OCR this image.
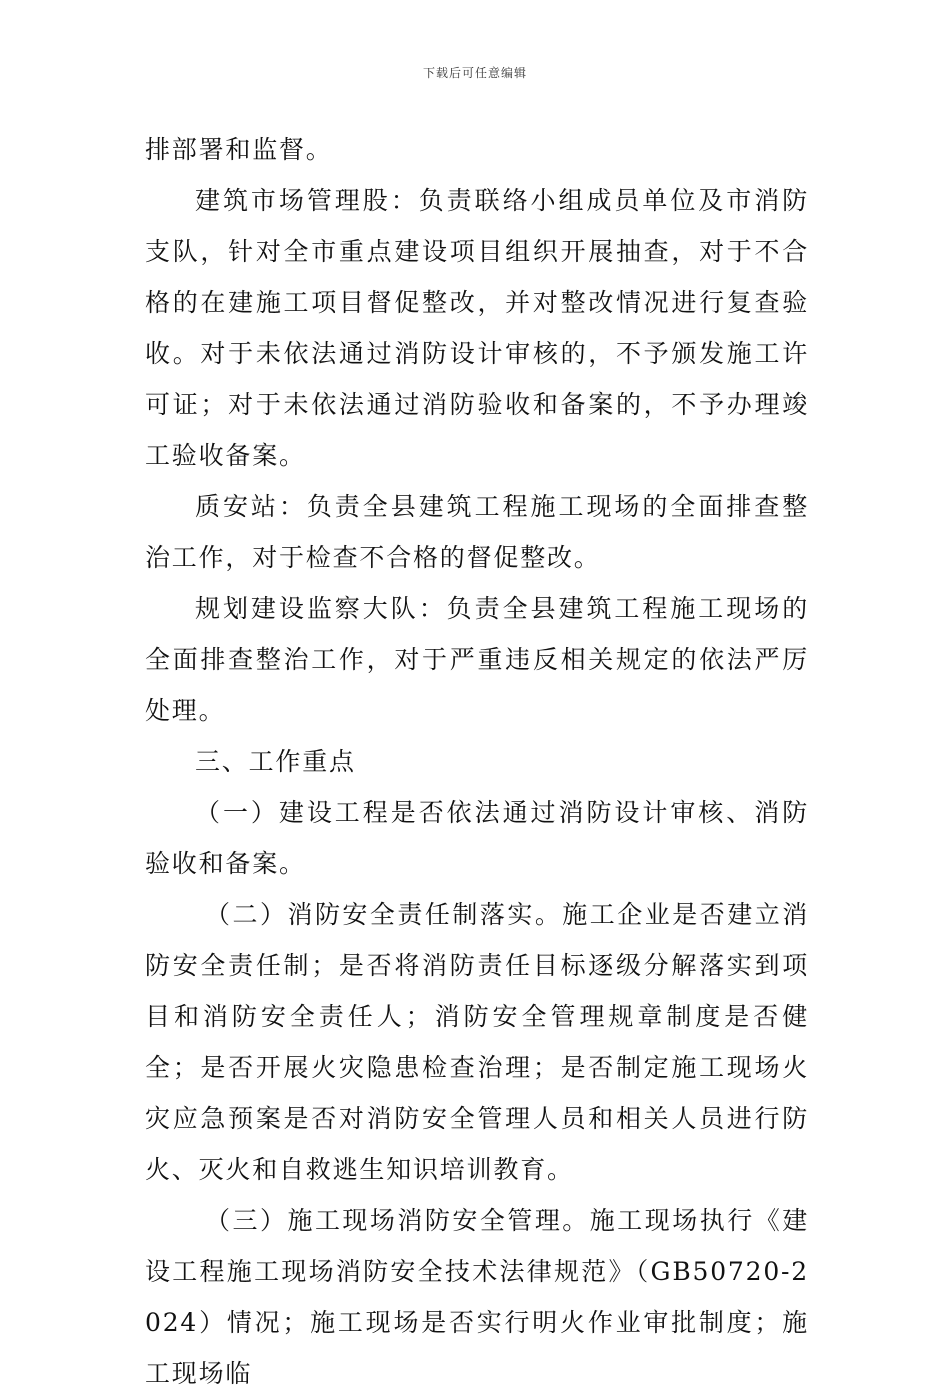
下载后可任意编辑

排部署和监督。

建筑市场管理股：负责联络小组成员单位及市消防支队，针对全市重点建设项目组织开展抽查，对于不合格的在建施工项目督促整改，并对整改情况进行复查验收。对于未依法通过消防设计审核的，不予颁发施工许可证；对于未依法通过消防验收和备案的，不予办理竣工验收备案。

质安站：负责全县建筑工程施工现场的全面排查整治工作，对于检查不合格的督促整改。

规划建设监察大队：负责全县建筑工程施工现场的全面排查整治工作，对于严重违反相关规定的依法严厉处理。

三、工作重点

（一）建设工程是否依法通过消防设计审核、消防验收和备案。

（二）消防安全责任制落实。施工企业是否建立消防安全责任制；是否将消防责任目标逐级分解落实到项目和消防安全责任人；消防安全管理规章制度是否健全；是否开展火灾隐患检查治理；是否制定施工现场火灾应急预案是否对消防安全管理人员和相关人员进行防火、灭火和自救逃生知识培训教育。

（三）施工现场消防安全管理。施工现场执行《建设工程施工现场消防安全技术法律规范》（GB50720-2024）情况；施工现场是否实行明火作业审批制度；施工现场临
